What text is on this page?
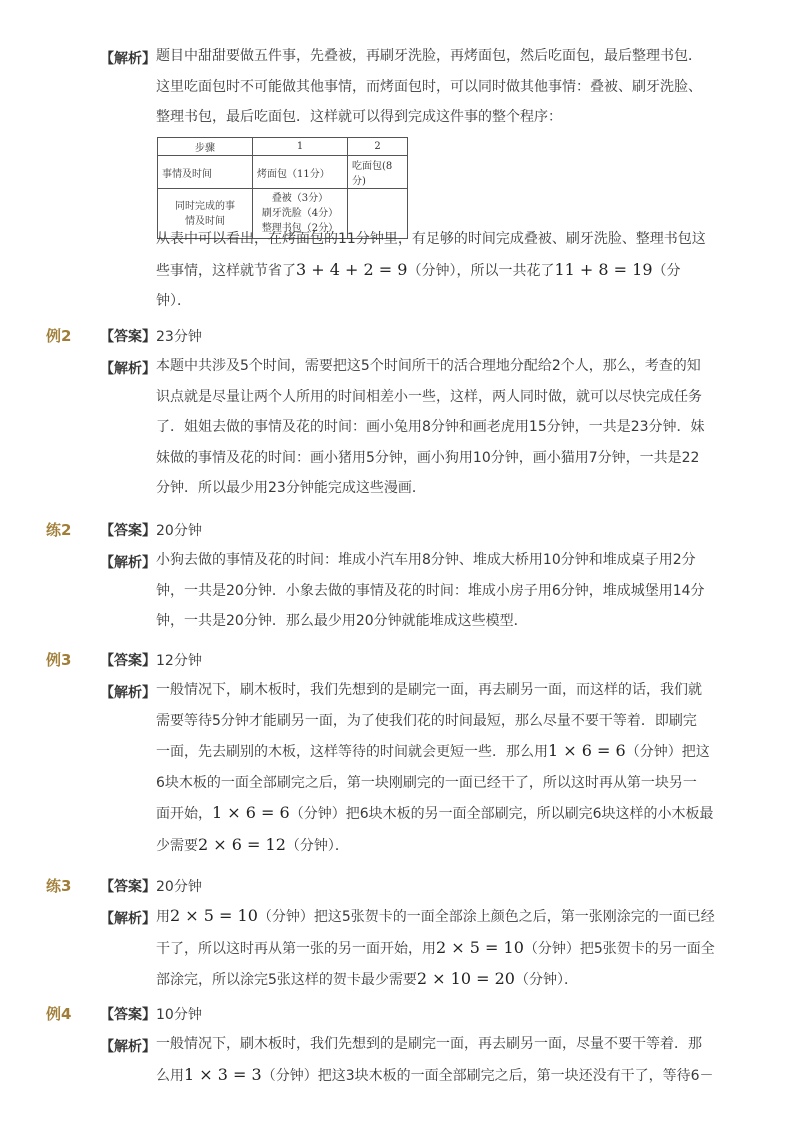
【解析】 题目中甜甜要做五件事，先叠被，再刷牙洗脸，再烤面包，然后吃面包，最后整理书包．
这里吃面包时不可能做其他事情，而烤面包时，可以同时做其他事情：叠被、刷牙洗脸、
整理书包，最后吃面包．这样就可以得到完成这件事的整个程序：
步骤	1	2
事情及时间	烤面包（11分）	吃面包(8分)

同时完成的事
情及时间	叠被（3分）
刷牙洗脸（4分）
整理书包（2分）	

从表中可以看出，在烤面包的11分钟里，有足够的时间完成叠被、刷牙洗脸、整理书包这
些事情，这样就节省了3 + 4 + 2 = 9（分钟），所以一共花了11 + 8 = 19（分
钟）．
例2 【答案】 23分钟
【解析】 本题中共涉及5个时间，需要把这5个时间所干的活合理地分配给2个人，那么，考查的知
识点就是尽量让两个人所用的时间相差小一些，这样，两人同时做，就可以尽快完成任务
了．姐姐去做的事情及花的时间：画小兔用8分钟和画老虎用15分钟，一共是23分钟．妹
妹做的事情及花的时间：画小猪用5分钟，画小狗用10分钟，画小猫用7分钟，一共是22
分钟．所以最少用23分钟能完成这些漫画．
练2 【答案】 20分钟
【解析】 小狗去做的事情及花的时间：堆成小汽车用8分钟、堆成大桥用10分钟和堆成桌子用2分
钟，一共是20分钟．小象去做的事情及花的时间：堆成小房子用6分钟，堆成城堡用14分
钟，一共是20分钟．那么最少用20分钟就能堆成这些模型．
例3 【答案】 12分钟
【解析】 一般情况下，刷木板时，我们先想到的是刷完一面，再去刷另一面，而这样的话，我们就
需要等待5分钟才能刷另一面，为了使我们花的时间最短，那么尽量不要干等着．即刷完
一面，先去刷别的木板，这样等待的时间就会更短一些．那么用1 × 6 = 6（分钟）把这
6块木板的一面全部刷完之后，第一块刚刷完的一面已经干了，所以这时再从第一块另一
面开始，1 × 6 = 6（分钟）把6块木板的另一面全部刷完，所以刷完6块这样的小木板最
少需要2 × 6 = 12（分钟）．
练3 【答案】 20分钟
【解析】 用2 × 5 = 10（分钟）把这5张贺卡的一面全部涂上颜色之后，第一张刚涂完的一面已经
干了，所以这时再从第一张的另一面开始，用2 × 5 = 10（分钟）把5张贺卡的另一面全
部涂完，所以涂完5张这样的贺卡最少需要2 × 10 = 20（分钟）．
例4 【答案】 10分钟
【解析】 一般情况下，刷木板时，我们先想到的是刷完一面，再去刷另一面，尽量不要干等着．那
么用1 × 3 = 3（分钟）把这3块木板的一面全部刷完之后，第一块还没有干了，等待6－
